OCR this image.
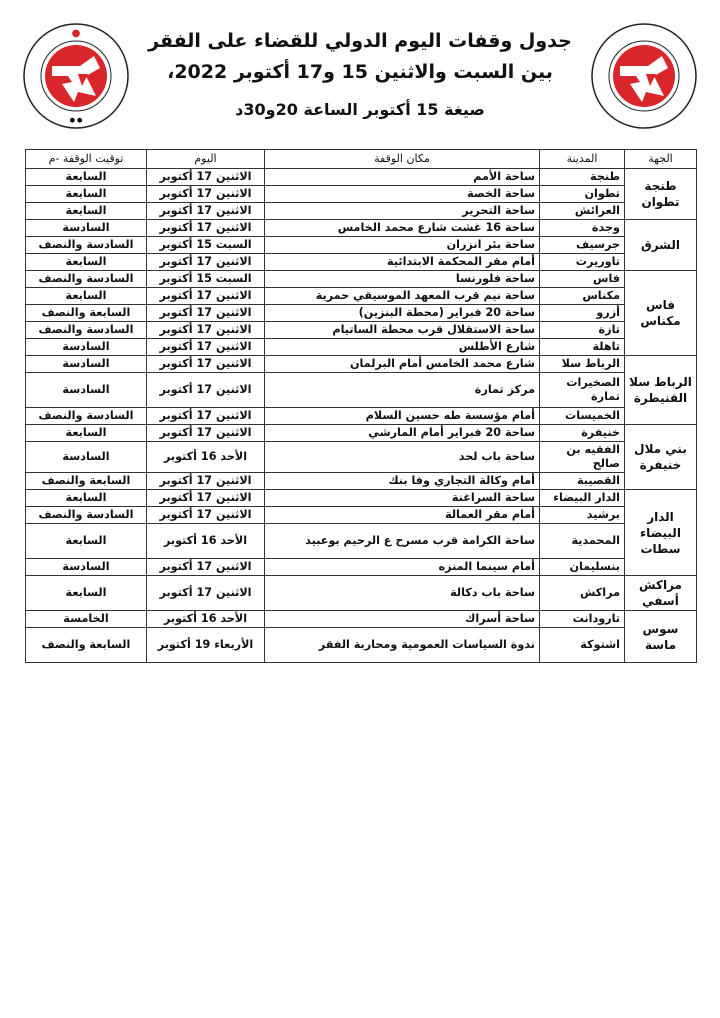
●
● ●
جدول وقفات اليوم الدولي للقضاء على الفقر
بين السبت والاثنين 15 و17 أكتوبر 2022،
صيغة 15 أكتوبر الساعة 20و30د
الجهة	المدينة	مكان الوقفة	اليوم	توقيت الوقفة -م
طنجة تطوان	طنجة	ساحة الأمم	الاثنين 17 أكتوبر	السابعة
	تطوان	ساحة الخصة	الاثنين 17 أكتوبر	السابعة
	العرائش	ساحة التحرير	الاثنين 17 أكتوبر	السابعة
الشرق	وجدة	ساحة 16 غشت شارع محمد الخامس	الاثنين 17 أكتوبر	السادسة
	جرسيف	ساحة بئر انزران	السبت 15 أكتوبر	السادسة والنصف
	تاوريرت	أمام مقر المحكمة الابتدائية	الاثنين 17 أكتوبر	السابعة
فاس مكناس	فاس	ساحة فلورنسا	السبت 15 أكتوبر	السادسة والنصف
	مكناس	ساحة نيم قرب المعهد الموسيقي حمرية	الاثنين 17 أكتوبر	السابعة
	أزرو	ساحة 20 فبراير (محطة البنزين)	الاثنين 17 أكتوبر	السابعة والنصف
	تازة	ساحة الاستقلال قرب محطة الساتيام	الاثنين 17 أكتوبر	السادسة والنصف
	تاهلة	شارع الأطلس	الاثنين 17 أكتوبر	السادسة
الرباط سلا القنيطرة	الرباط سلا	شارع محمد الخامس أمام البرلمان	الاثنين 17 أكتوبر	السادسة
	الصخيرات تمارة	مركز تمارة	الاثنين 17 أكتوبر	السادسة
	الخميسات	أمام مؤسسة طه حسين السلام	الاثنين 17 أكتوبر	السادسة والنصف
بني ملال خنيفرة	خنيفرة	ساحة 20 فبراير أمام المارشي	الاثنين 17 أكتوبر	السابعة
	الفقيه بن صالح	ساحة باب لحد	الأحد 16 أكتوبر	السادسة
	القصيبة	أمام وكالة التجاري وفا بنك	الاثنين 17 أكتوبر	السابعة والنصف
الدار البيضاء سطات	الدار البيضاء	ساحة السراغنة	الاثنين 17 أكتوبر	السابعة
	برشيد	أمام مقر العمالة	الاثنين 17 أكتوبر	السادسة والنصف
	المحمدية	ساحة الكرامة قرب مسرح ع الرحيم بوعبيد	الأحد 16 أكتوبر	السابعة
	بنسليمان	أمام سينما المنزه	الاثنين 17 أكتوبر	السادسة
مراكش أسفي	مراكش	ساحة باب دكالة	الاثنين 17 أكتوبر	السابعة
سوس ماسة	تارودانت	ساحة أسراك	الأحد 16 أكتوبر	الخامسة
	اشتوكة	ندوة السياسات العمومية ومحاربة الفقر	الأربعاء 19 أكتوبر	السابعة والنصف
